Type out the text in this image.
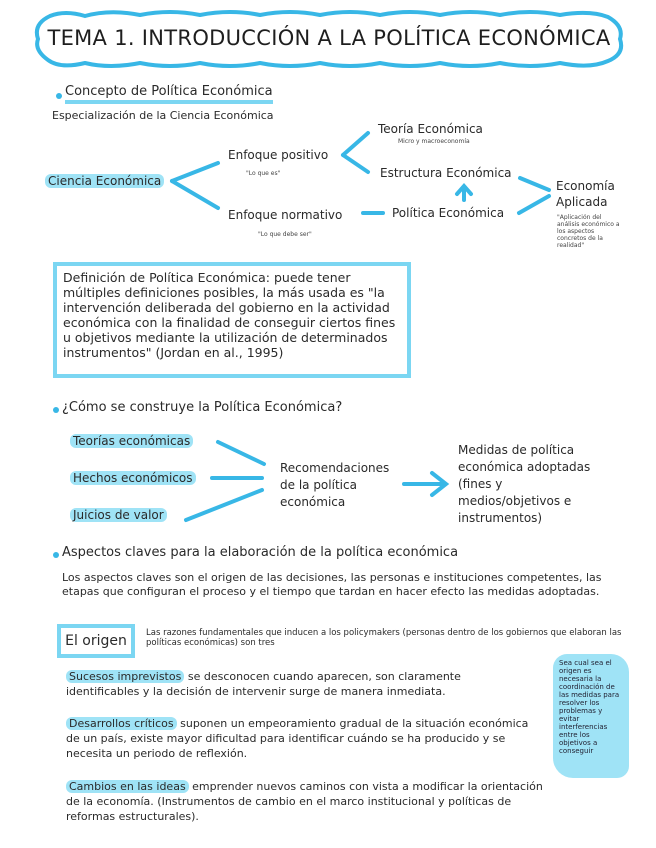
TEMA 1. INTRODUCCIÓN A LA POLÍTICA ECONÓMICA
Concepto de Política Económica
Especialización de la Ciencia Económica
Ciencia Económica
Enfoque positivo
"Lo que es"
Enfoque normativo
"Lo que debe ser"
Teoría Económica
Micro y macroeconomía
Estructura Económica
Política Económica
Economía Aplicada
"Aplicación del análisis económico a los aspectos concretos de la realidad"
Definición de Política Económica: puede tener múltiples definiciones posibles, la más usada es "la intervención deliberada del gobierno en la actividad económica con la finalidad de conseguir ciertos fines u objetivos mediante la utilización de determinados instrumentos" (Jordan en al., 1995)
¿Cómo se construye la Política Económica?
Teorías económicas
Hechos económicos
Juicios de valor
Recomendaciones de la política económica
Medidas de política económica adoptadas (fines y medios/objetivos e instrumentos)
Aspectos claves para la elaboración de la política económica

Los aspectos claves son el origen de las decisiones, las personas e instituciones competentes, las etapas que configuran el proceso y el tiempo que tardan en hacer efecto las medidas adoptadas.

El origen	Las razones fundamentales que inducen a los policymakers (personas dentro de los gobiernos que elaboran las políticas económicas) son tres

Sucesos imprevistos se desconocen cuando aparecen, son claramente identificables y la decisión de intervenir surge de manera inmediata.

Desarrollos críticos suponen un empeoramiento gradual de la situación económica de un país, existe mayor dificultad para identificar cuándo se ha producido y se necesita un periodo de reflexión.

Cambios en las ideas emprender nuevos caminos con vista a modificar la orientación de la economía. (Instrumentos de cambio en el marco institucional y políticas de reformas estructurales).

Sea cual sea el origen es necesaria la coordinación de las medidas para resolver los problemas y evitar interferencias entre los objetivos a conseguir
